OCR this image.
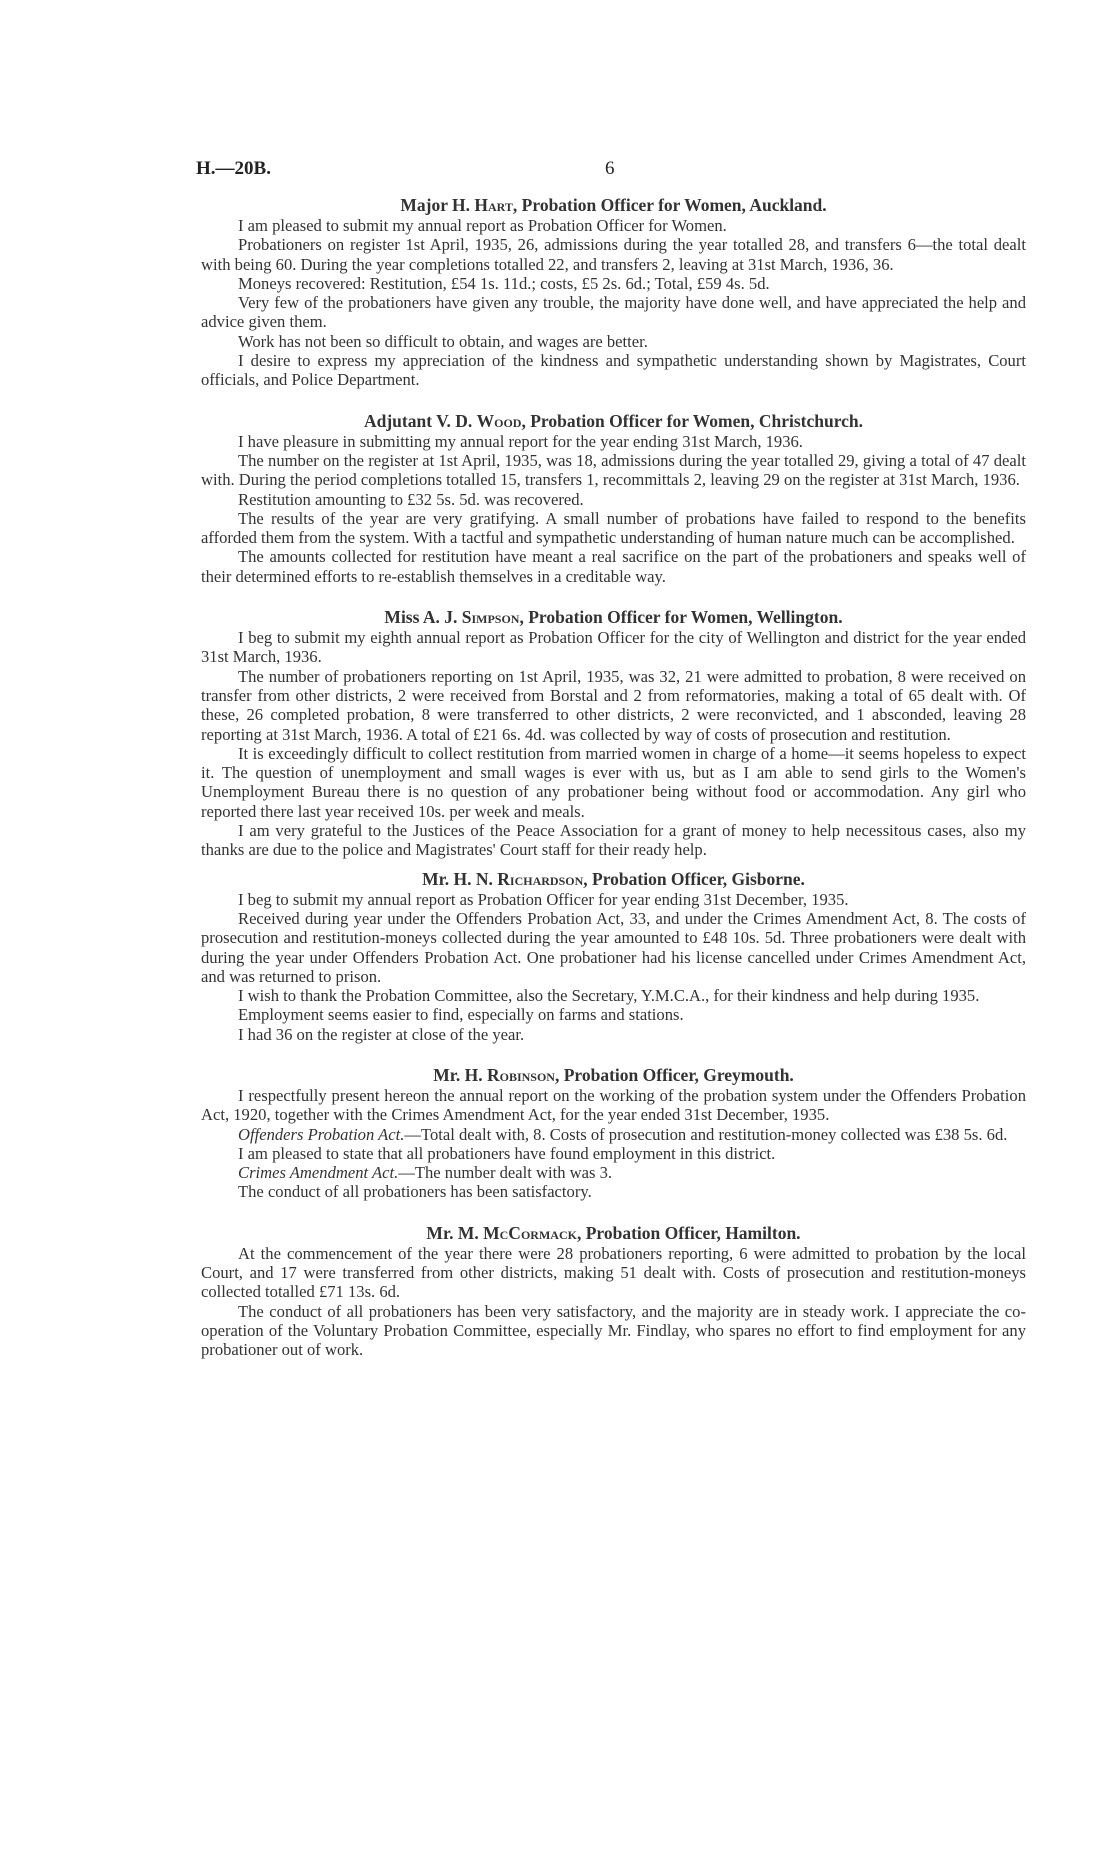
H.—20B.	6
Major H. Hart, Probation Officer for Women, Auckland.

I am pleased to submit my annual report as Probation Officer for Women.

Probationers on register 1st April, 1935, 26, admissions during the year totalled 28, and transfers 6—the total dealt with being 60. During the year completions totalled 22, and transfers 2, leaving at 31st March, 1936, 36.

Moneys recovered: Restitution, £54 1s. 11d.; costs, £5 2s. 6d.; Total, £59 4s. 5d.

Very few of the probationers have given any trouble, the majority have done well, and have appreciated the help and advice given them.

Work has not been so difficult to obtain, and wages are better.

I desire to express my appreciation of the kindness and sympathetic understanding shown by Magistrates, Court officials, and Police Department.

Adjutant V. D. Wood, Probation Officer for Women, Christchurch.

I have pleasure in submitting my annual report for the year ending 31st March, 1936.

The number on the register at 1st April, 1935, was 18, admissions during the year totalled 29, giving a total of 47 dealt with. During the period completions totalled 15, transfers 1, recommittals 2, leaving 29 on the register at 31st March, 1936.

Restitution amounting to £32 5s. 5d. was recovered.

The results of the year are very gratifying. A small number of probations have failed to respond to the benefits afforded them from the system. With a tactful and sympathetic understanding of human nature much can be accomplished.

The amounts collected for restitution have meant a real sacrifice on the part of the probationers and speaks well of their determined efforts to re-establish themselves in a creditable way.

Miss A. J. Simpson, Probation Officer for Women, Wellington.

I beg to submit my eighth annual report as Probation Officer for the city of Wellington and district for the year ended 31st March, 1936.

The number of probationers reporting on 1st April, 1935, was 32, 21 were admitted to probation, 8 were received on transfer from other districts, 2 were received from Borstal and 2 from reformatories, making a total of 65 dealt with. Of these, 26 completed probation, 8 were transferred to other districts, 2 were reconvicted, and 1 absconded, leaving 28 reporting at 31st March, 1936. A total of £21 6s. 4d. was collected by way of costs of prosecution and restitution.

It is exceedingly difficult to collect restitution from married women in charge of a home—it seems hopeless to expect it. The question of unemployment and small wages is ever with us, but as I am able to send girls to the Women's Unemployment Bureau there is no question of any probationer being without food or accommodation. Any girl who reported there last year received 10s. per week and meals.

I am very grateful to the Justices of the Peace Association for a grant of money to help necessitous cases, also my thanks are due to the police and Magistrates' Court staff for their ready help.

Mr. H. N. Richardson, Probation Officer, Gisborne.

I beg to submit my annual report as Probation Officer for year ending 31st December, 1935.

Received during year under the Offenders Probation Act, 33, and under the Crimes Amendment Act, 8. The costs of prosecution and restitution-moneys collected during the year amounted to £48 10s. 5d. Three probationers were dealt with during the year under Offenders Probation Act. One probationer had his license cancelled under Crimes Amendment Act, and was returned to prison.

I wish to thank the Probation Committee, also the Secretary, Y.M.C.A., for their kindness and help during 1935.

Employment seems easier to find, especially on farms and stations.

I had 36 on the register at close of the year.

Mr. H. Robinson, Probation Officer, Greymouth.

I respectfully present hereon the annual report on the working of the probation system under the Offenders Probation Act, 1920, together with the Crimes Amendment Act, for the year ended 31st December, 1935.

Offenders Probation Act.—Total dealt with, 8. Costs of prosecution and restitution-money collected was £38 5s. 6d.

I am pleased to state that all probationers have found employment in this district.

Crimes Amendment Act.—The number dealt with was 3.

The conduct of all probationers has been satisfactory.

Mr. M. McCormack, Probation Officer, Hamilton.

At the commencement of the year there were 28 probationers reporting, 6 were admitted to probation by the local Court, and 17 were transferred from other districts, making 51 dealt with. Costs of prosecution and restitution-moneys collected totalled £71 13s. 6d.

The conduct of all probationers has been very satisfactory, and the majority are in steady work. I appreciate the co-operation of the Voluntary Probation Committee, especially Mr. Findlay, who spares no effort to find employment for any probationer out of work.
